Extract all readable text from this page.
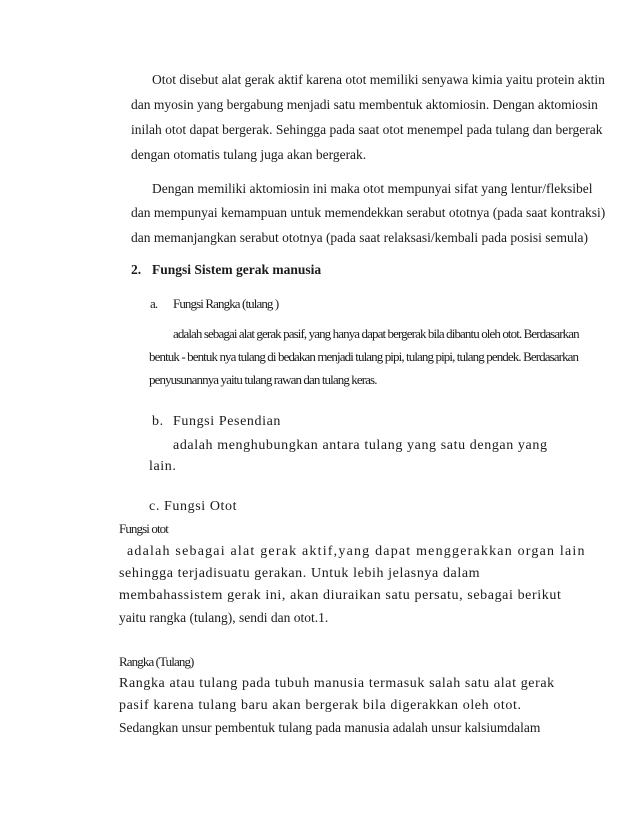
Otot disebut alat gerak aktif karena otot memiliki senyawa kimia yaitu protein aktin
dan myosin yang bergabung menjadi satu membentuk aktomiosin. Dengan aktomiosin
inilah otot dapat bergerak. Sehingga pada saat otot menempel pada tulang dan bergerak
dengan otomatis tulang juga akan bergerak.
Dengan memiliki aktomiosin ini maka otot mempunyai sifat yang lentur/fleksibel
dan mempunyai kemampuan untuk memendekkan serabut ototnya (pada saat kontraksi)
dan memanjangkan serabut ototnya (pada saat relaksasi/kembali pada posisi semula)
2. Fungsi Sistem gerak manusia
a. Fungsi Rangka (tulang )
adalah sebagai alat gerak pasif, yang hanya dapat bergerak bila dibantu oleh otot. Berdasarkan
bentuk - bentuk nya tulang di bedakan menjadi tulang pipi, tulang pipi, tulang pendek. Berdasarkan
penyusunannya yaitu tulang rawan dan tulang keras.
b. Fungsi Pesendian
adalah menghubungkan antara tulang yang satu dengan yang
lain.
c. Fungsi Otot
Fungsi otot
adalah sebagai alat gerak aktif,yang dapat menggerakkan organ lain
sehingga terjadisuatu gerakan. Untuk lebih jelasnya dalam
membahassistem gerak ini, akan diuraikan satu persatu, sebagai berikut
yaitu rangka (tulang), sendi dan otot.1.
Rangka (Tulang)
Rangka atau tulang pada tubuh manusia termasuk salah satu alat gerak
pasif karena tulang baru akan bergerak bila digerakkan oleh otot.
Sedangkan unsur pembentuk tulang pada manusia adalah unsur kalsiumdalam
